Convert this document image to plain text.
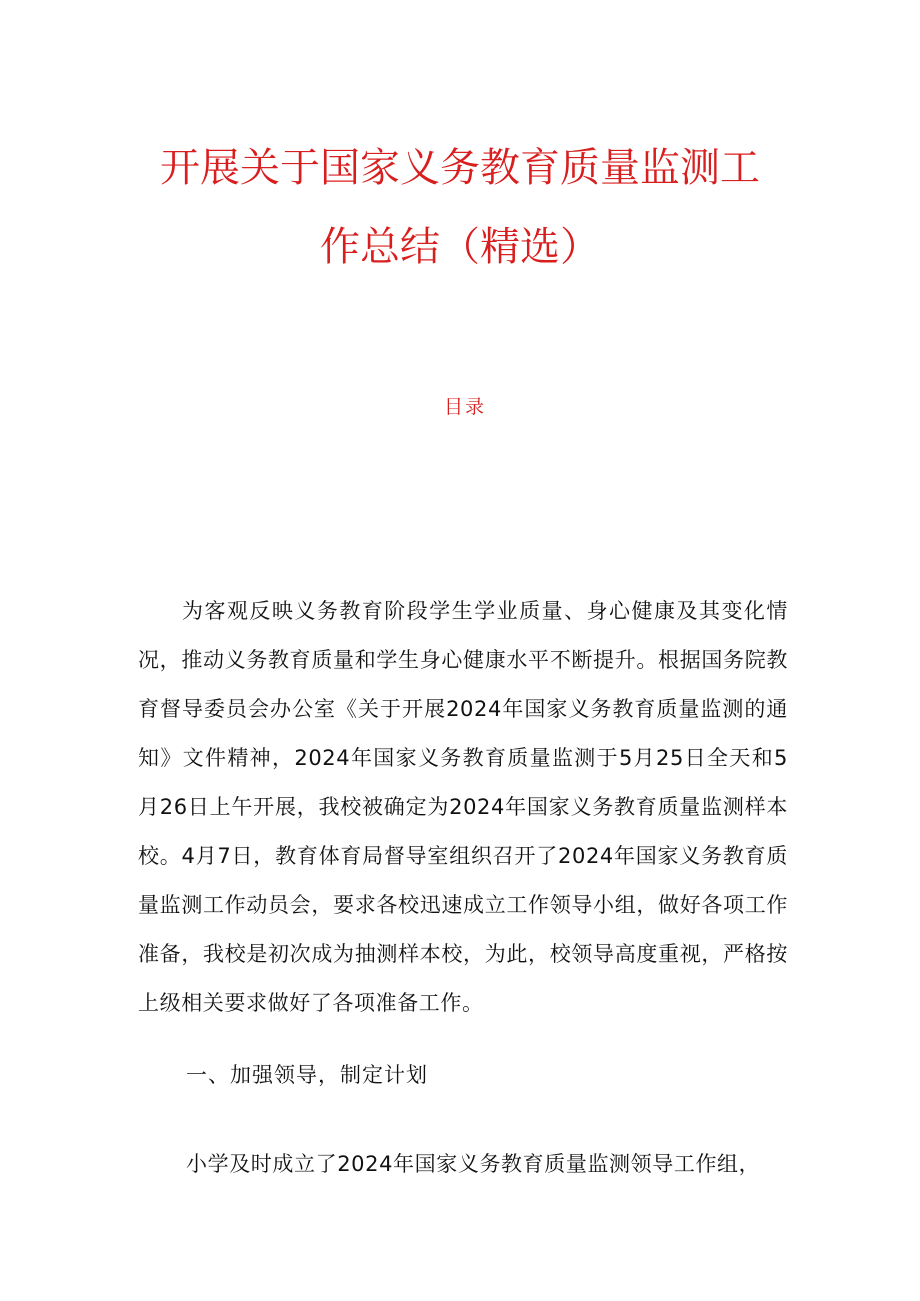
开展关于国家义务教育质量监测工
作总结（精选）
目录

为客观反映义务教育阶段学生学业质量、身心健康及其变化情况，推动义务教育质量和学生身心健康水平不断提升。根据国务院教育督导委员会办公室《关于开展2024年国家义务教育质量监测的通知》文件精神，2024年国家义务教育质量监测于5月25日全天和5月26日上午开展，我校被确定为2024年国家义务教育质量监测样本校。4月7日，教育体育局督导室组织召开了2024年国家义务教育质量监测工作动员会，要求各校迅速成立工作领导小组，做好各项工作准备，我校是初次成为抽测样本校，为此，校领导高度重视，严格按上级相关要求做好了各项准备工作。

一、加强领导，制定计划
小学及时成立了2024年国家义务教育质量监测领导工作组，
